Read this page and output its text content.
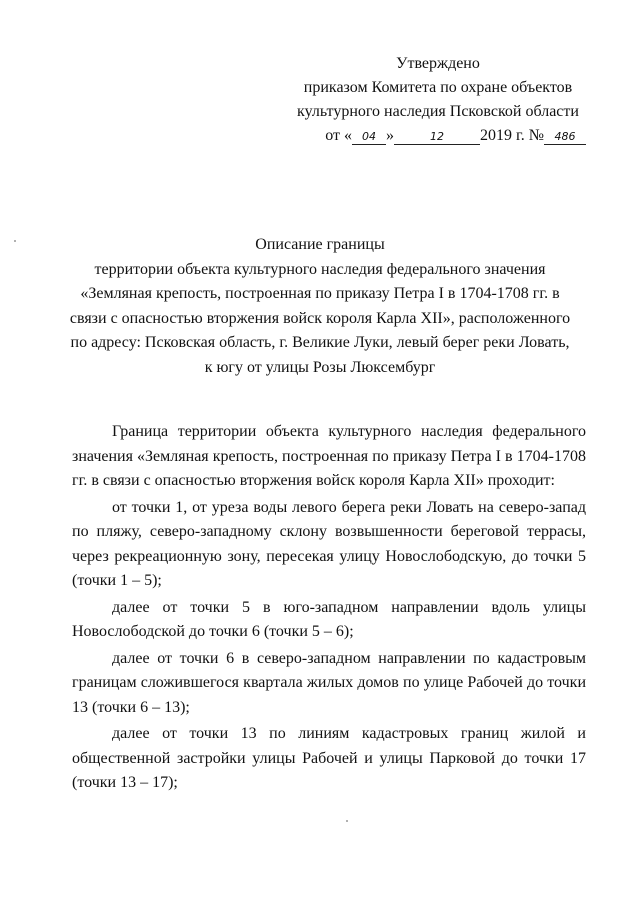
Утверждено
приказом Комитета по охране объектов
культурного наследия Псковской области
от « 04 »	12 2019 г. № 486
Описание границы
территории объекта культурного наследия федерального значения
«Земляная крепость, построенная по приказу Петра I в 1704-1708 гг. в
связи с опасностью вторжения войск короля Карла XII», расположенного
по адресу: Псковская область, г. Великие Луки, левый берег реки Ловать,
к югу от улицы Розы Люксембург

Граница территории объекта культурного наследия федерального значения «Земляная крепость, построенная по приказу Петра I в 1704-1708 гг. в связи с опасностью вторжения войск короля Карла XII» проходит:

от точки 1, от уреза воды левого берега реки Ловать на северо-запад по пляжу, северо-западному склону возвышенности береговой террасы, через рекреационную зону, пересекая улицу Новослободскую, до точки 5 (точки 1 – 5);

далее от точки 5 в юго-западном направлении вдоль улицы Новослободской до точки 6 (точки 5 – 6);

далее от точки 6 в северо-западном направлении по кадастровым границам сложившегося квартала жилых домов по улице Рабочей до точки 13 (точки 6 – 13);

далее от точки 13 по линиям кадастровых границ жилой и общественной застройки улицы Рабочей и улицы Парковой до точки 17 (точки 13 – 17);
